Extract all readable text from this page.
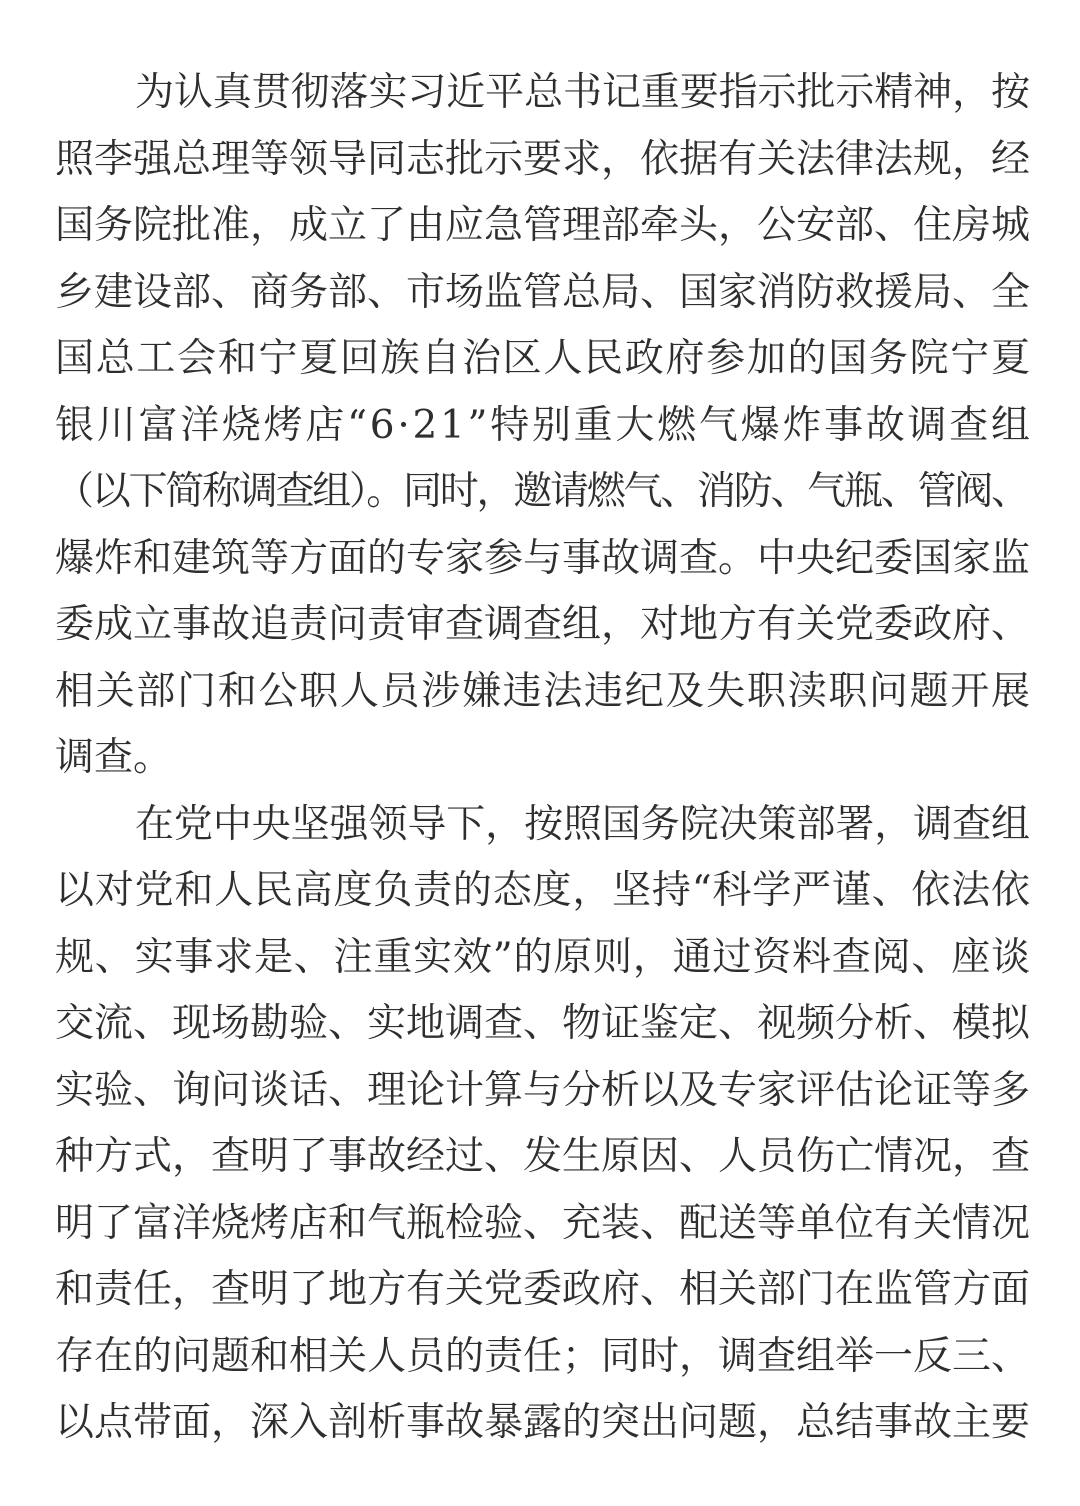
为认真贯彻落实习近平总书记重要指示批示精神，按
照李强总理等领导同志批示要求，依据有关法律法规，经
国务院批准，成立了由应急管理部牵头，公安部、住房城
乡建设部、商务部、市场监管总局、国家消防救援局、全
国总工会和宁夏回族自治区人民政府参加的国务院宁夏
银川富洋烧烤店“6·21”特别重大燃气爆炸事故调查组
（以下简称调查组）。同时，邀请燃气、消防、气瓶、管阀、
爆炸和建筑等方面的专家参与事故调查。中央纪委国家监
委成立事故追责问责审查调查组，对地方有关党委政府、
相关部门和公职人员涉嫌违法违纪及失职渎职问题开展
调查。
在党中央坚强领导下，按照国务院决策部署，调查组
以对党和人民高度负责的态度，坚持“科学严谨、依法依
规、实事求是、注重实效”的原则，通过资料查阅、座谈
交流、现场勘验、实地调查、物证鉴定、视频分析、模拟
实验、询问谈话、理论计算与分析以及专家评估论证等多
种方式，查明了事故经过、发生原因、人员伤亡情况，查
明了富洋烧烤店和气瓶检验、充装、配送等单位有关情况
和责任，查明了地方有关党委政府、相关部门在监管方面
存在的问题和相关人员的责任；同时，调查组举一反三、
以点带面，深入剖析事故暴露的突出问题，总结事故主要
